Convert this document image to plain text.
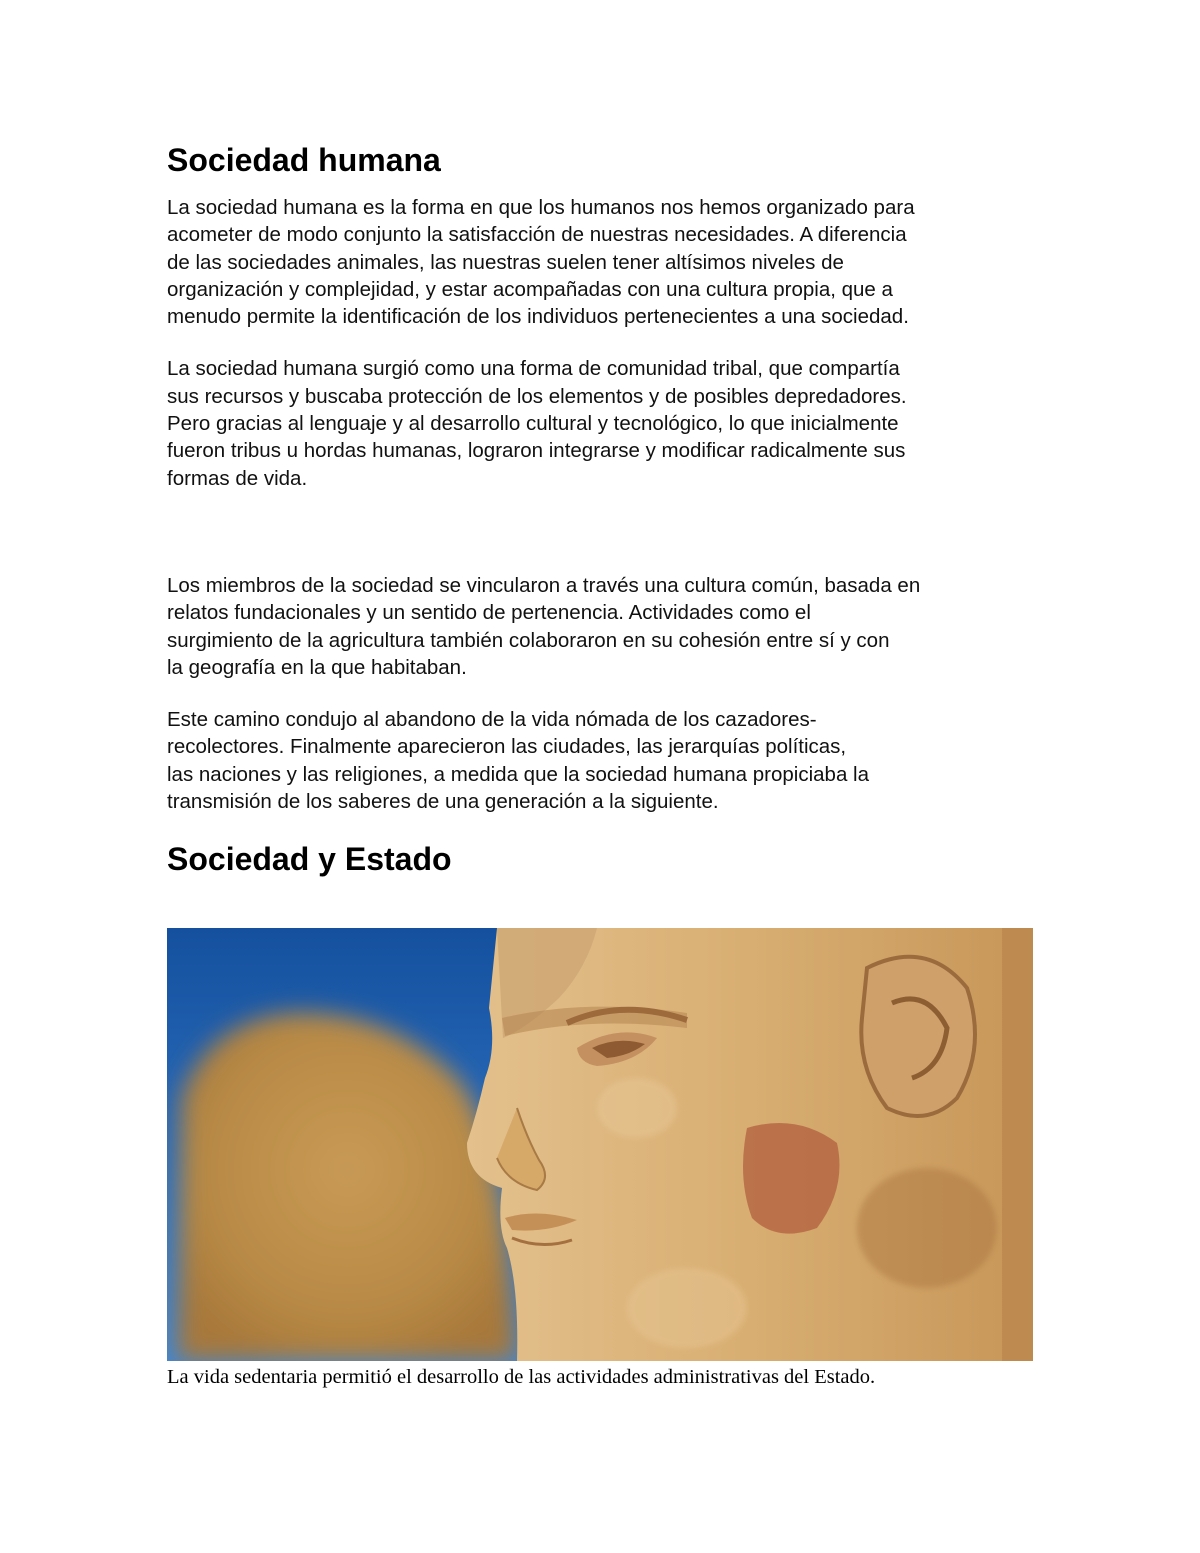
Sociedad humana

La sociedad humana es la forma en que los humanos nos hemos organizado para
acometer de modo conjunto la satisfacción de nuestras necesidades. A diferencia
de las sociedades animales, las nuestras suelen tener altísimos niveles de
organización y complejidad, y estar acompañadas con una cultura propia, que a
menudo permite la identificación de los individuos pertenecientes a una sociedad.

La sociedad humana surgió como una forma de comunidad tribal, que compartía
sus recursos y buscaba protección de los elementos y de posibles depredadores.
Pero gracias al lenguaje y al desarrollo cultural y tecnológico, lo que inicialmente
fueron tribus u hordas humanas, lograron integrarse y modificar radicalmente sus
formas de vida.

Los miembros de la sociedad se vincularon a través una cultura común, basada en
relatos fundacionales y un sentido de pertenencia. Actividades como el
surgimiento de la agricultura también colaboraron en su cohesión entre sí y con
la geografía en la que habitaban.

Este camino condujo al abandono de la vida nómada de los cazadores-
recolectores. Finalmente aparecieron las ciudades, las jerarquías políticas,
las naciones y las religiones, a medida que la sociedad humana propiciaba la
transmisión de los saberes de una generación a la siguiente.

Sociedad y Estado
La vida sedentaria permitió el desarrollo de las actividades administrativas del Estado.
